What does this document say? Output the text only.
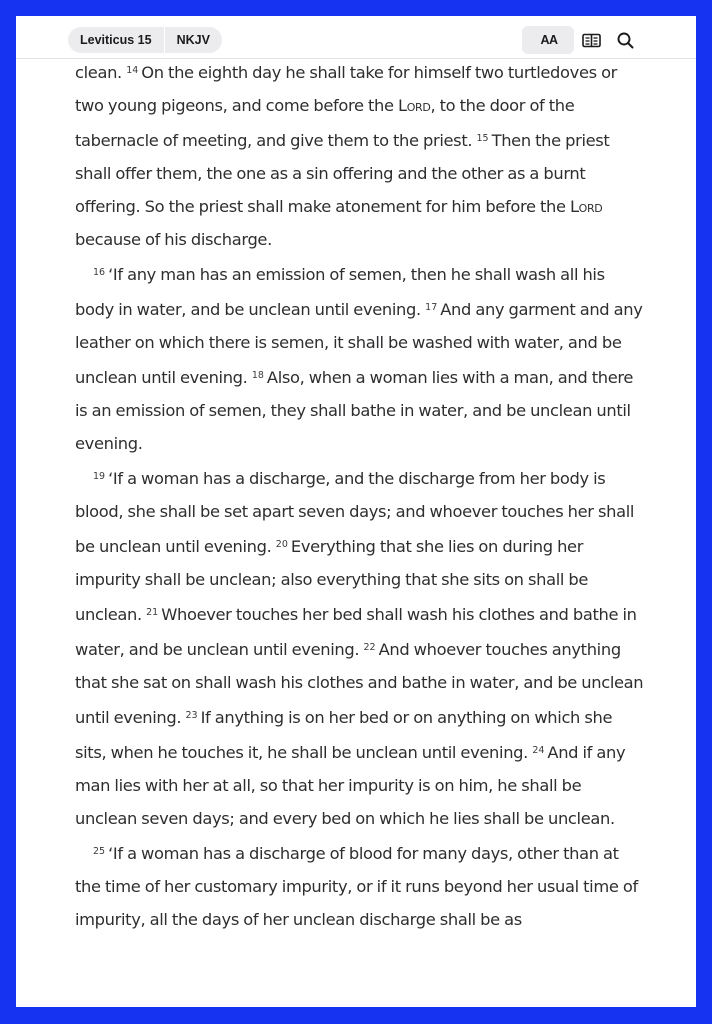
Leviticus 15	NKJV	AA

clean. $^{14}$ On the eighth day he shall take for himself two turtledoves or two young pigeons, and come before the Lord, to the door of the tabernacle of meeting, and give them to the priest. $^{15}$ Then the priest shall offer them, the one as a sin offering and the other as a burnt offering. So the priest shall make atonement for him before the Lord because of his discharge.

$^{16}$ ‘If any man has an emission of semen, then he shall wash all his body in water, and be unclean until evening. $^{17}$ And any garment and any leather on which there is semen, it shall be washed with water, and be unclean until evening. $^{18}$ Also, when a woman lies with a man, and there is an emission of semen, they shall bathe in water, and be unclean until evening.

$^{19}$ ‘If a woman has a discharge, and the discharge from her body is blood, she shall be set apart seven days; and whoever touches her shall be unclean until evening. $^{20}$ Everything that she lies on during her impurity shall be unclean; also everything that she sits on shall be unclean. $^{21}$ Whoever touches her bed shall wash his clothes and bathe in water, and be unclean until evening. $^{22}$ And whoever touches anything that she sat on shall wash his clothes and bathe in water, and be unclean until evening. $^{23}$ If anything is on her bed or on anything on which she sits, when he touches it, he shall be unclean until evening. $^{24}$ And if any man lies with her at all, so that her impurity is on him, he shall be unclean seven days; and every bed on which he lies shall be unclean.

$^{25}$ ‘If a woman has a discharge of blood for many days, other than at the time of her customary impurity, or if it runs beyond her usual time of impurity, all the days of her unclean discharge shall be as
